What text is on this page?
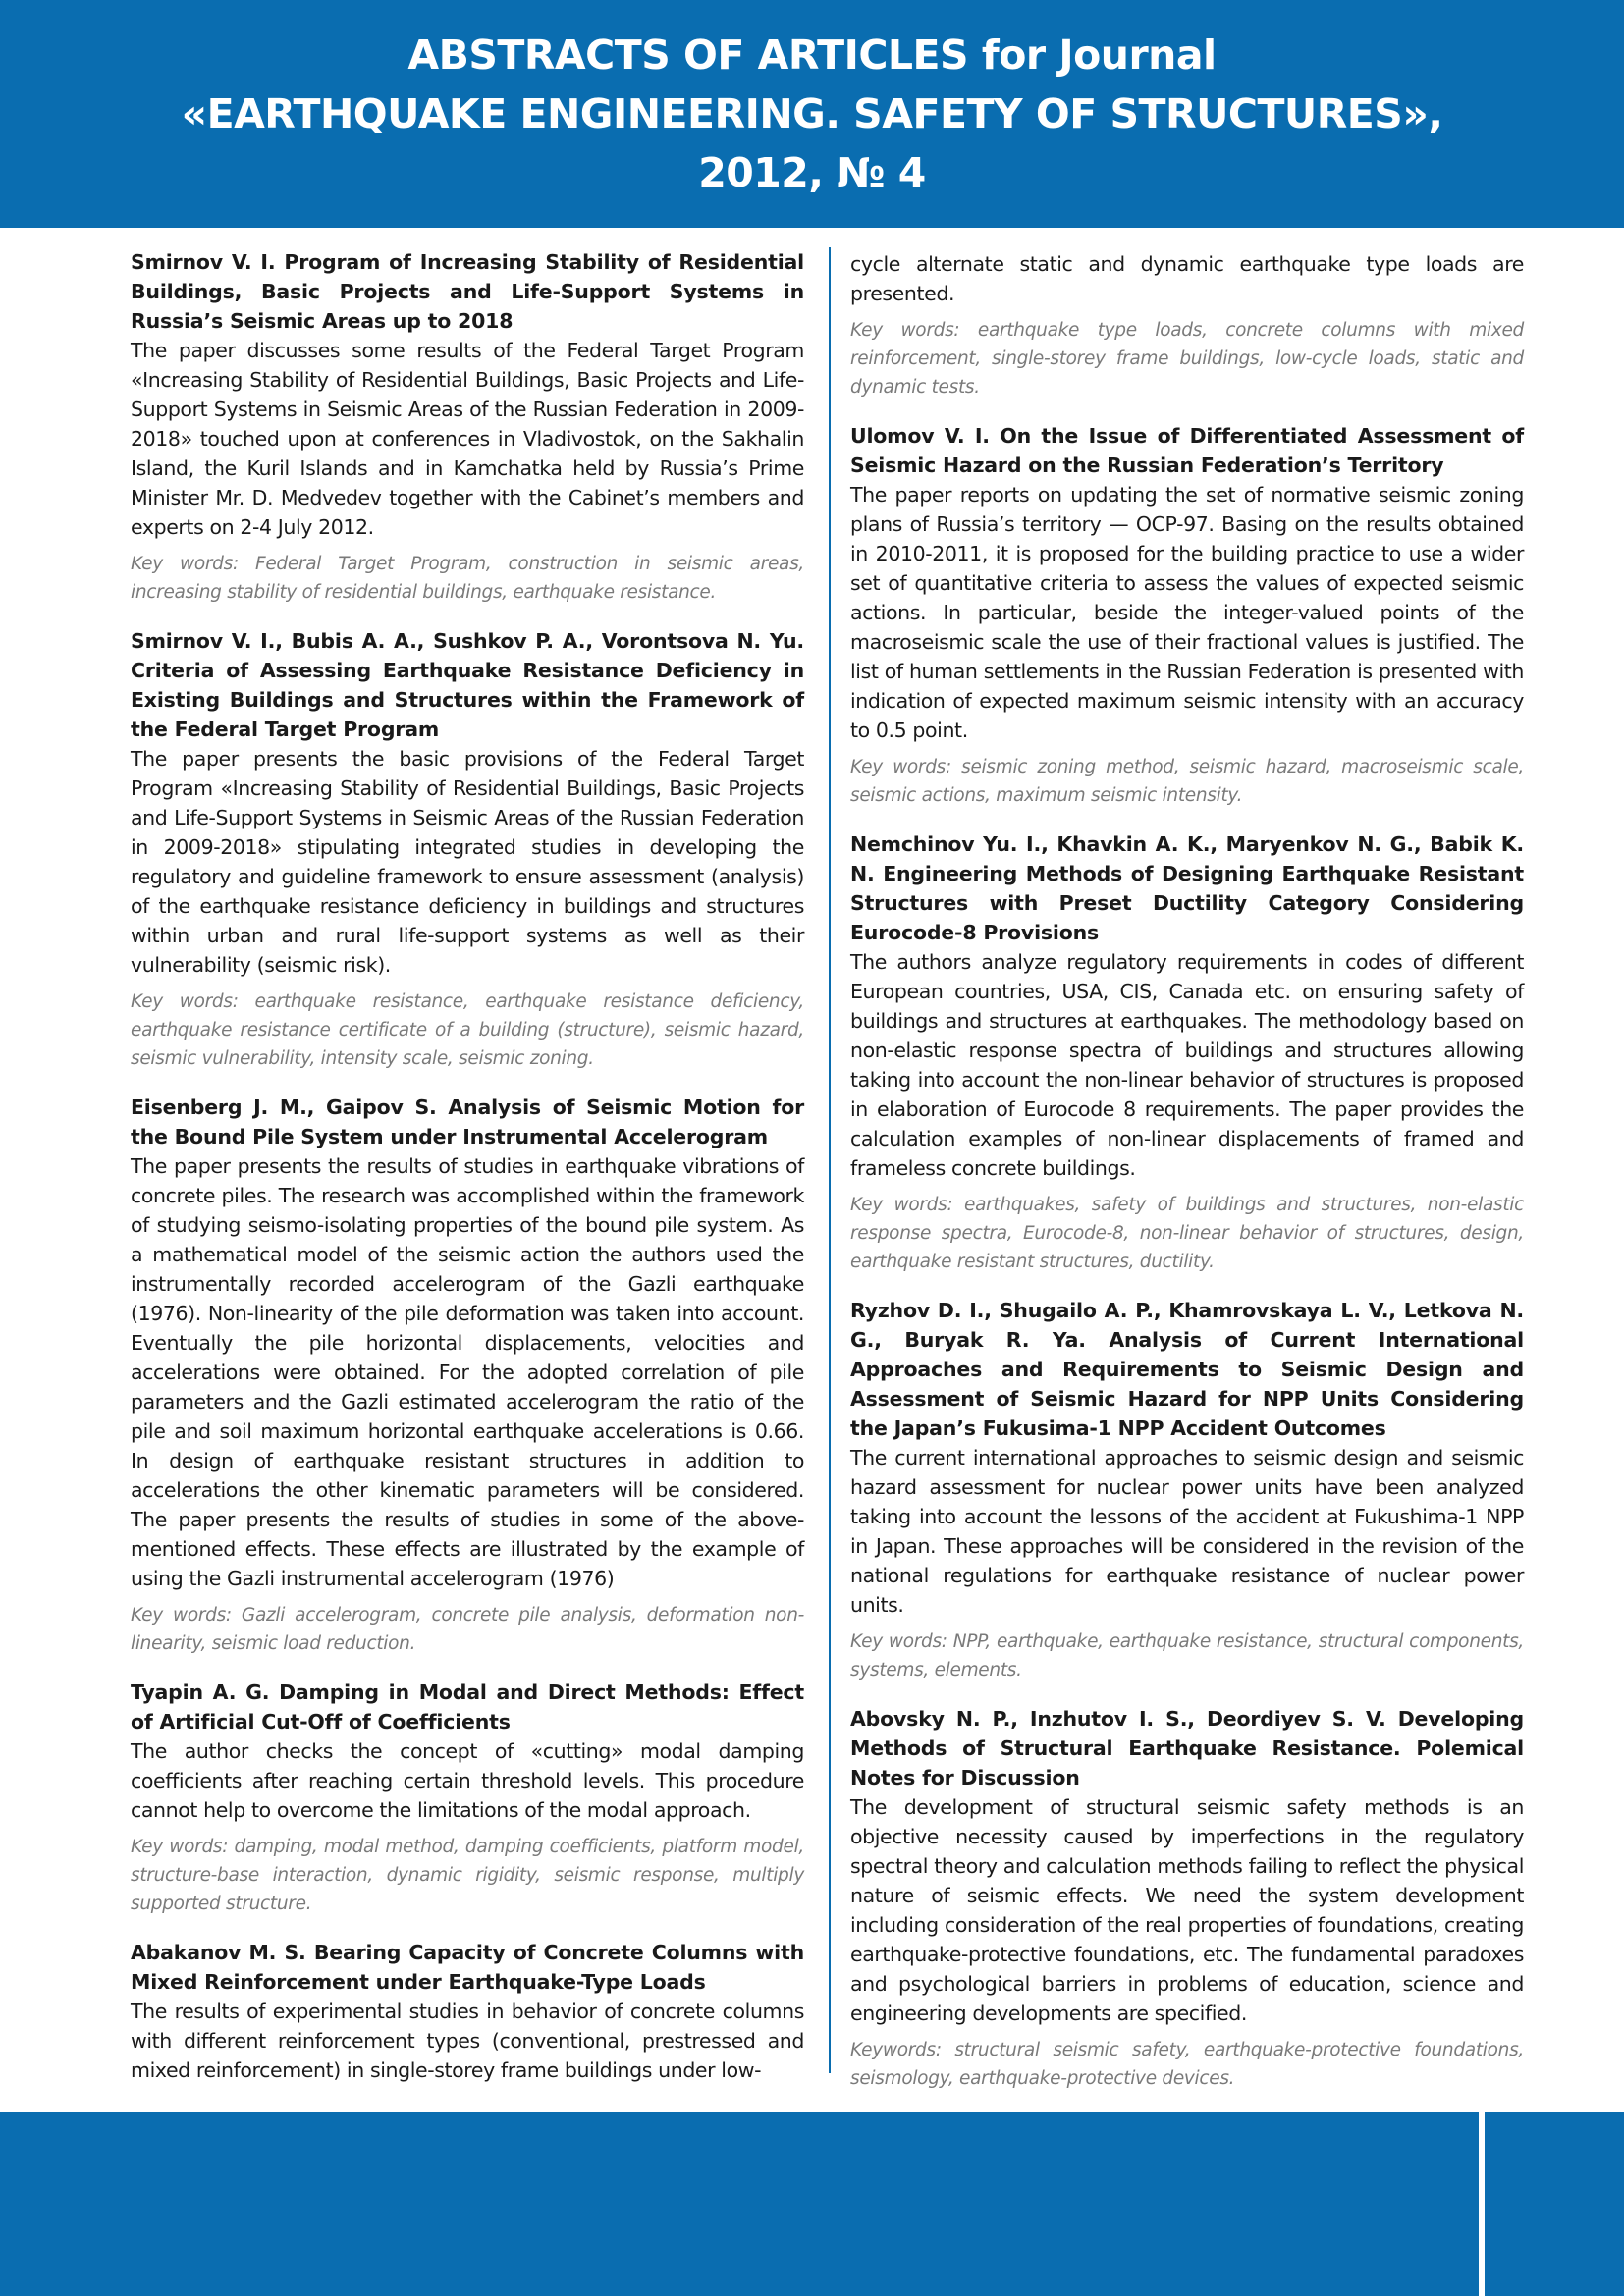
ABSTRACTS OF ARTICLES for Journal
«EARTHQUAKE ENGINEERING. SAFETY OF STRUCTURES»,
2012, № 4
Smirnov V. I. Program of Increasing Stability of Residential Buildings, Basic Projects and Life-Support Systems in Russia’s Seismic Areas up to 2018
The paper discusses some results of the Federal Target Program «Increasing Stability of Residential Buildings, Basic Projects and Life-Support Systems in Seismic Areas of the Russian Federation in 2009-2018» touched upon at conferences in Vladivostok, on the Sakhalin Island, the Kuril Islands and in Kamchatka held by Russia’s Prime Minister Mr. D. Medvedev together with the Cabinet’s members and experts on 2-4 July 2012.
Key words: Federal Target Program, construction in seismic areas, increasing stability of residential buildings, earthquake resistance.
Smirnov V. I., Bubis A. A., Sushkov P. A., Vorontsova N. Yu. Criteria of Assessing Earthquake Resistance Deficiency in Existing Buildings and Structures within the Framework of the Federal Target Program
The paper presents the basic provisions of the Federal Target Program «Increasing Stability of Residential Buildings, Basic Projects and Life-Support Systems in Seismic Areas of the Russian Federation in 2009-2018» stipulating integrated studies in developing the regulatory and guideline framework to ensure assessment (analysis) of the earthquake resistance deficiency in buildings and structures within urban and rural life-support systems as well as their vulnerability (seismic risk).
Key words: earthquake resistance, earthquake resistance deficiency, earthquake resistance certificate of a building (structure), seismic hazard, seismic vulnerability, intensity scale, seismic zoning.
Eisenberg J. M., Gaipov S. Analysis of Seismic Motion for the Bound Pile System under Instrumental Accelerogram
The paper presents the results of studies in earthquake vibrations of concrete piles. The research was accomplished within the framework of studying seismo-isolating properties of the bound pile system. As a mathematical model of the seismic action the authors used the instrumentally recorded accelerogram of the Gazli earthquake (1976). Non-linearity of the pile deformation was taken into account. Eventually the pile horizontal displacements, velocities and accelerations were obtained. For the adopted correlation of pile parameters and the Gazli estimated accelerogram the ratio of the pile and soil maximum horizontal earthquake accelerations is 0.66. In design of earthquake resistant structures in addition to accelerations the other kinematic parameters will be considered. The paper presents the results of studies in some of the above-mentioned effects. These effects are illustrated by the example of using the Gazli instrumental accelerogram (1976)
Key words: Gazli accelerogram, concrete pile analysis, deformation non-linearity, seismic load reduction.
Tyapin A. G. Damping in Modal and Direct Methods: Effect of Artificial Cut-Off of Coefficients
The author checks the concept of «cutting» modal damping coefficients after reaching certain threshold levels. This procedure cannot help to overcome the limitations of the modal approach.
Key words: damping, modal method, damping coefficients, platform model, structure-base interaction, dynamic rigidity, seismic response, multiply supported structure.
Abakanov M. S. Bearing Capacity of Concrete Columns with Mixed Reinforcement under Earthquake-Type Loads
The results of experimental studies in behavior of concrete columns with different reinforcement types (conventional, prestressed and mixed reinforcement) in single-storey frame buildings under low-
cycle alternate static and dynamic earthquake type loads are presented.
Key words: earthquake type loads, concrete columns with mixed reinforcement, single-storey frame buildings, low-cycle loads, static and dynamic tests.
Ulomov V. I. On the Issue of Differentiated Assessment of Seismic Hazard on the Russian Federation’s Territory
The paper reports on updating the set of normative seismic zoning plans of Russia’s territory — OCP-97. Basing on the results obtained in 2010-2011, it is proposed for the building practice to use a wider set of quantitative criteria to assess the values of expected seismic actions. In particular, beside the integer-valued points of the macroseismic scale the use of their fractional values is justified. The list of human settlements in the Russian Federation is presented with indication of expected maximum seismic intensity with an accuracy to 0.5 point.
Key words: seismic zoning method, seismic hazard, macroseismic scale, seismic actions, maximum seismic intensity.
Nemchinov Yu. I., Khavkin A. K., Maryenkov N. G., Babik K. N. Engineering Methods of Designing Earthquake Resistant Structures with Preset Ductility Category Considering Eurocode-8 Provisions
The authors analyze regulatory requirements in codes of different European countries, USA, CIS, Canada etc. on ensuring safety of buildings and structures at earthquakes. The methodology based on non-elastic response spectra of buildings and structures allowing taking into account the non-linear behavior of structures is proposed in elaboration of Eurocode 8 requirements. The paper provides the calculation examples of non-linear displacements of framed and frameless concrete buildings.
Key words: earthquakes, safety of buildings and structures, non-elastic response spectra, Eurocode-8, non-linear behavior of structures, design, earthquake resistant structures, ductility.
Ryzhov D. I., Shugailo A. P., Khamrovskaya L. V., Letkova N. G., Buryak R. Ya. Analysis of Current International Approaches and Requirements to Seismic Design and Assessment of Seismic Hazard for NPP Units Considering the Japan’s Fukusima-1 NPP Accident Outcomes
The current international approaches to seismic design and seismic hazard assessment for nuclear power units have been analyzed taking into account the lessons of the accident at Fukushima-1 NPP in Japan. These approaches will be considered in the revision of the national regulations for earthquake resistance of nuclear power units.
Key words: NPP, earthquake, earthquake resistance, structural components, systems, elements.
Abovsky N. P., Inzhutov I. S., Deordiyev S. V. Developing Methods of Structural Earthquake Resistance. Polemical Notes for Discussion
The development of structural seismic safety methods is an objective necessity caused by imperfections in the regulatory spectral theory and calculation methods failing to reflect the physical nature of seismic effects. We need the system development including consideration of the real properties of foundations, creating earthquake-protective foundations, etc. The fundamental paradoxes and psychological barriers in problems of education, science and engineering developments are specified.
Keywords: structural seismic safety, earthquake-protective foundations, seismology, earthquake-protective devices.
